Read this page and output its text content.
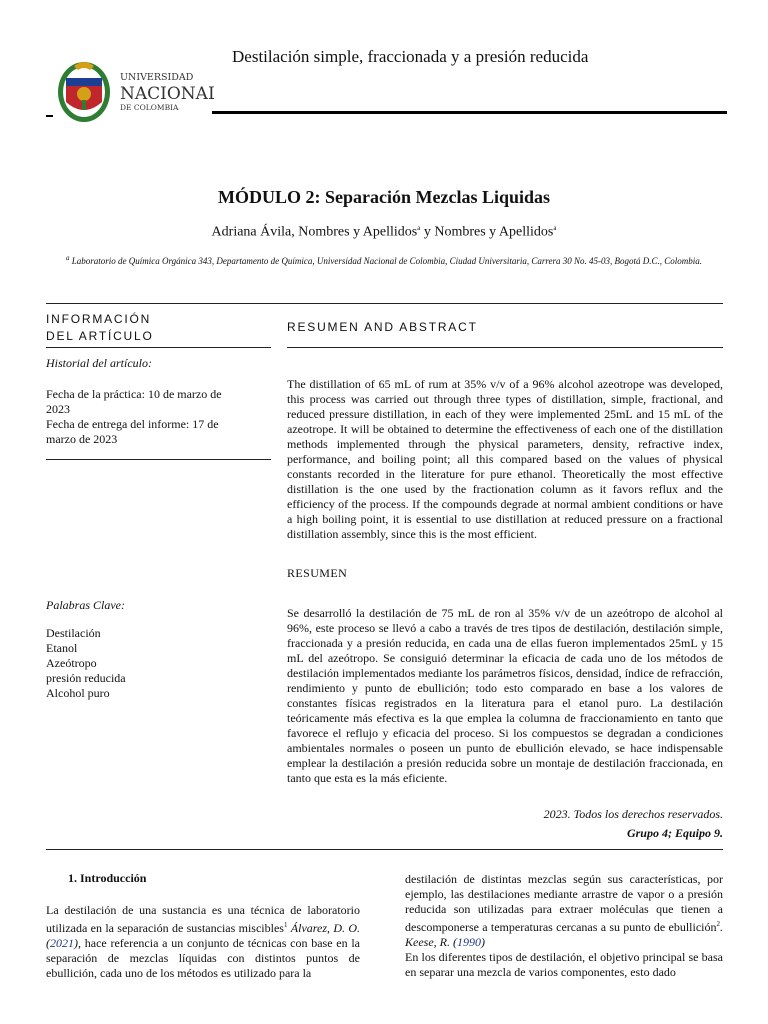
Destilación simple, fraccionada y a presión reducida
UNIVERSIDAD
NACIONAL
DE COLOMBIA
MÓDULO 2: Separación Mezclas Liquidas
Adriana Ávila, Nombres y Apellidos$^a$ y Nombres y Apellidos$^a$
$^a$ Laboratorio de Química Orgánica 343, Departamento de Química, Universidad Nacional de Colombia, Ciudad Universitaria, Carrera 30 No. 45-03, Bogotá D.C., Colombia.
INFORMACIÓN
DEL ARTÍCULO
Historial del artículo:
Fecha de la práctica: 10 de marzo de 2023
Fecha de entrega del informe: 17 de marzo de 2023
Palabras Clave:
Destilación
Etanol
Azeótropo
presión reducida
Alcohol puro
RESUMEN AND ABSTRACT
The distillation of 65 mL of rum at 35% v/v of a 96% alcohol azeotrope was developed, this process was carried out through three types of distillation, simple, fractional, and reduced pressure distillation, in each of they were implemented 25mL and 15 mL of the azeotrope. It will be obtained to determine the effectiveness of each one of the distillation methods implemented through the physical parameters, density, refractive index, performance, and boiling point; all this compared based on the values of physical constants recorded in the literature for pure ethanol. Theoretically the most effective distillation is the one used by the fractionation column as it favors reflux and the efficiency of the process. If the compounds degrade at normal ambient conditions or have a high boiling point, it is essential to use distillation at reduced pressure on a fractional distillation assembly, since this is the most efficient.
RESUMEN
Se desarrolló la destilación de 75 mL de ron al 35% v/v de un azeótropo de alcohol al 96%, este proceso se llevó a cabo a través de tres tipos de destilación, destilación simple, fraccionada y a presión reducida, en cada una de ellas fueron implementados 25mL y 15 mL del azeótropo. Se consiguió determinar la eficacia de cada uno de los métodos de destilación implementados mediante los parámetros físicos, densidad, índice de refracción, rendimiento y punto de ebullición; todo esto comparado en base a los valores de constantes físicas registrados en la literatura para el etanol puro. La destilación teóricamente más efectiva es la que emplea la columna de fraccionamiento en tanto que favorece el reflujo y eficacia del proceso. Si los compuestos se degradan a condiciones ambientales normales o poseen un punto de ebullición elevado, se hace indispensable emplear la destilación a presión reducida sobre un montaje de destilación fraccionada, en tanto que esta es la más eficiente.
2023. Todos los derechos reservados.
Grupo 4; Equipo 9.
1. Introducción
La destilación de una sustancia es una técnica de laboratorio utilizada en la separación de sustancias miscibles$^1$ Álvarez, D. O. (2021), hace referencia a un conjunto de técnicas con base en la separación de mezclas líquidas con distintos puntos de ebullición, cada uno de los métodos es utilizado para la
destilación de distintas mezclas según sus características, por ejemplo, las destilaciones mediante arrastre de vapor o a presión reducida son utilizadas para extraer moléculas que tienen a descomponerse a temperaturas cercanas a su punto de ebullición$^2$. Keese, R. (1990)
En los diferentes tipos de destilación, el objetivo principal se basa en separar una mezcla de varios componentes, esto dado
